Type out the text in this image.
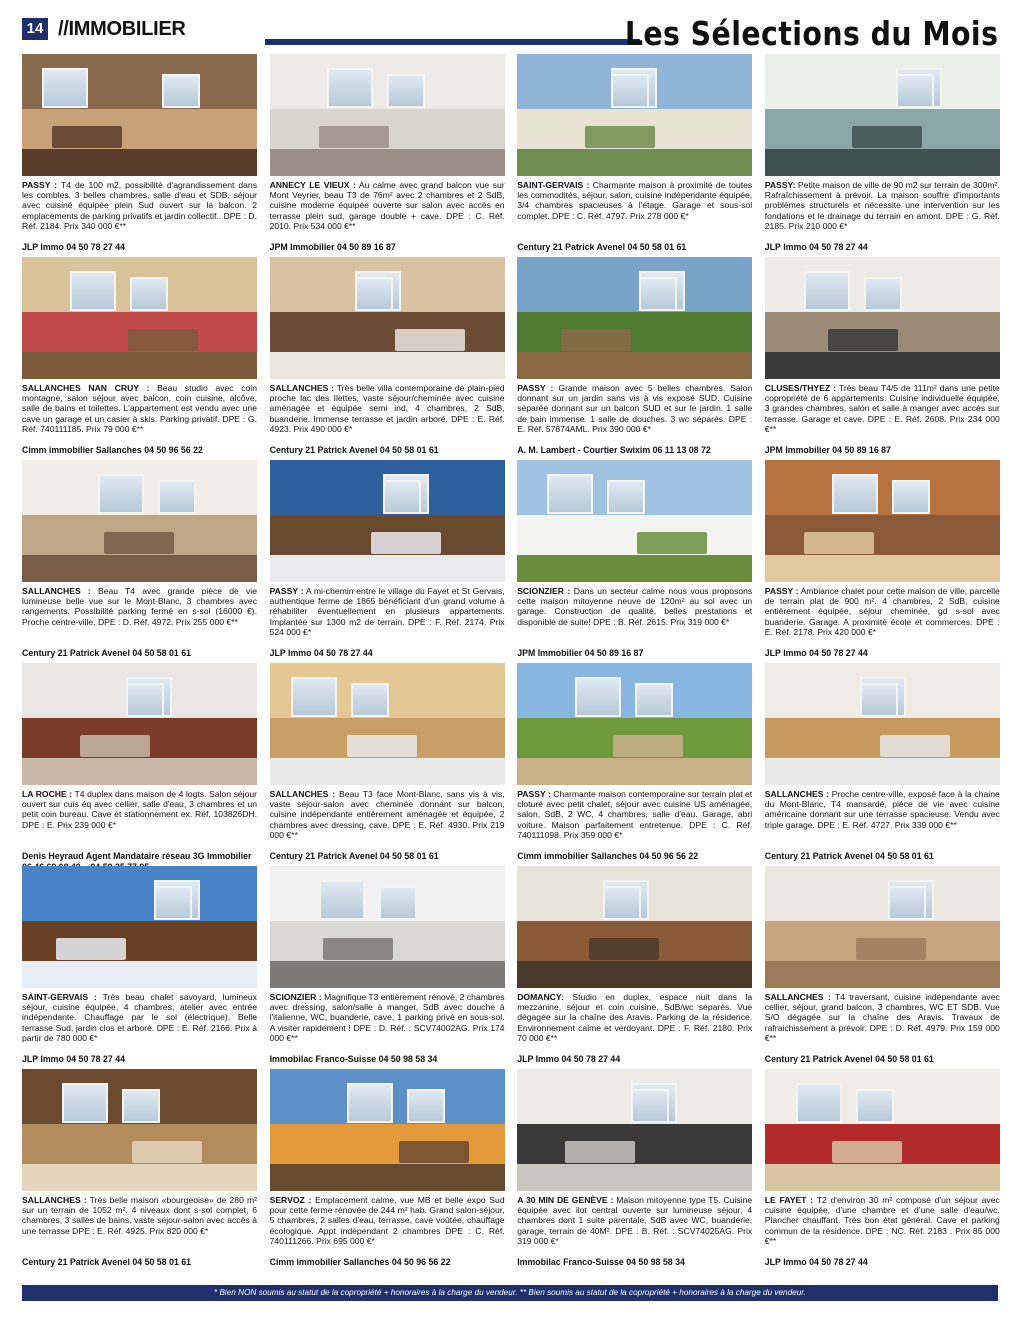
14 //IMMOBILIER	Les Sélections du Mois
PASSY : T4 de 100 m2, possibilité d'agrandissement dans les combles. 3 belles chambres, salle d'eau et SDB, séjour avec cuisiné équipée plein Sud ouvert sur la balcon. 2 emplacements de parking privatifs et jardin collectif.. DPE : D. Réf. 2184. Prix 340 000 €**
JLP Immo 04 50 78 27 44
ANNECY LE VIEUX : Au calme avec grand balcon vue sur Mont Veyrier, beau T3 de 76m² avec 2 chambres et 2 SdB, cuisine moderne équipée ouverte sur salon avec accès en terrasse plein sud, garage double + cave. DPE : C. Réf. 2010. Prix 534 000 €**
JPM Immobilier 04 50 89 16 87
SAINT-GERVAIS : Charmante maison à proximité de toutes les commodités, séjour, salon, cuisine indépendante équipée, 3/4 chambres spacieuses à l'étage. Garage et sous-sol complet. DPE : C. Réf. 4797. Prix 278 000 €*
Century 21 Patrick Avenel 04 50 58 01 61
PASSY: Petite maison de ville de 90 m2 sur terrain de 300m². Rafraîchissement à prévoir. La maison souffre d'importants problèmes structurels et nécessite une intervention sur les fondations et le drainage du terrain en amont. DPE : G. Réf. 2185. Prix 210 000 €*
JLP Immo 04 50 78 27 44
SALLANCHES NAN CRUY : Beau studio avec coin montagne, salon séjour avec balcon, coin cuisine, alcôve, salle de bains et toilettes. L'appartement est vendu avec une cave un garage et un casier à skis. Parking privatif. DPE : G. Réf. 740111185. Prix 79 000 €**
Cimm immobilier Sallanches 04 50 96 56 22
SALLANCHES : Très belle villa contemporaine de plain-pied proche lac des Ilettes, vaste séjour/cheminée avec cuisine aménagée et équipée semi ind, 4 chambres, 2 SdB, buanderie. Immense terrasse et jardin arboré. DPE : E. Réf. 4923. Prix 490 000 €*
Century 21 Patrick Avenel 04 50 58 01 61
PASSY : Grande maison avec 5 belles chambres. Salon donnant sur un jardin sans vis à vis exposé SUD. Cuisine séparée donnant sur un balcon SUD et sur le jardin. 1 salle de bain immense. 1 salle de douches. 3 wc séparés. DPE : E. Réf. 57874AML. Prix 390 000 €*
A. M. Lambert - Courtier Swixim 06 11 13 08 72
CLUSES/THYEZ : Très beau T4/5 de 111m² dans une petite copropriété de 6 appartements. Cuisine individuelle équipée, 3 grandes chambres, salon et salle à manger avec accès sur terrasse. Garage et cave. DPE : E. Réf. 2608. Prix 234 000 €**
JPM Immobilier 04 50 89 16 87
SALLANCHES : Beau T4 avec grande pièce de vie lumineuse belle vue sur le Mont-Blanc, 3 chambres avec rangements. Possibilité parking fermé en s-sol (16000 €). Proche centre-ville. DPE : D. Réf. 4972. Prix 255 000 €**
Century 21 Patrick Avenel 04 50 58 01 61
PASSY : A mi-chemin entre le village du Fayet et St Gervais, authentique ferme de 1865 bénéficiant d'un grand volume à réhabiliter éventuellement en plusieurs appartements. Implantée sur 1300 m2 de terrain. DPE : F. Réf. 2174. Prix 524 000 €*
JLP Immo 04 50 78 27 44
SCIONZIER : Dans un secteur calme nous vous proposons cette maison mitoyenne neuve de 120m² au sol avec un garage. Construction de qualité, belles prestations et disponible de suite! DPE : B. Réf. 2615. Prix 319 000 €*
JPM Immobilier 04 50 89 16 87
PASSY : Ambiance chalet pour cette maison de ville, parcelle de terrain plat de 900 m². 4 chambres, 2 SdB, cuisine entièrement équipée, séjour cheminée, gd s-sol avec buanderie. Garage. A proximité école et commerces. DPE : E. Réf. 2178. Prix 420 000 €*
JLP Immo 04 50 78 27 44
LA ROCHE : T4 duplex dans maison de 4 logts. Salon séjour ouvert sur cuis éq avec cellier, salle d'eau, 3 chambres et un petit coin bureau. Cave et stationnement ex. Réf. 103826DH. DPE : E. Prix 239 000 €*
Denis Heyraud Agent Mandataire réseau 3G Immobilier
SALLANCHES : Beau T3 face Mont-Blanc, sans vis à vis, vaste séjour-salon avec cheminée donnant sur balcon, cuisine indépendante entièrement aménagée et équipée, 2 chambres avec dressing, cave. DPE : E. Réf. 4930. Prix 219 000 €**
Century 21 Patrick Avenel 04 50 58 01 61
PASSY : Charmante maison contemporaine sur terrain plat et cloturé avec petit chalet, séjour avec cuisine US aménagée, salon, SdB, 2 WC, 4 chambres, salle d'eau. Garage, abri voiture. Maison parfaitement entretenue. DPE : C. Réf. 740111098. Prix 359 000 €*
Cimm immobilier Sallanches 04 50 96 56 22
SALLANCHES : Proche centre-ville, exposé face à la chaine du Mont-Blanc, T4 mansardé, pièce de vie avec cuisine américaine donnant sur une terrasse spacieuse. Vendu avec triple garage. DPE : E. Réf. 4727. Prix 339 000 €**
Century 21 Patrick Avenel 04 50 58 01 61
SAINT-GERVAIS : Très beau chalet savoyard, lumineux séjour, cuisine équipée, 4 chambres, atelier avec entrée indépendante. Chauffage par le sol (électrique). Belle terrasse Sud, jardin clos et arboré. DPE : E. Réf. 2166. Prix à partir de 780 000 €*
JLP Immo 04 50 78 27 44
SCIONZIER : Magnifique T3 entièrement rénové, 2 chambres avec dressing, salon/salle à manger, SdB avec douche à l'italienne, WC, buanderie, cave, 1 parking privé en sous-sol. A visiter rapidement ! DPE : D. Réf. : SCV74002AG. Prix 174 000 €**
Immobilac Franco-Suisse 04 50 98 58 34
DOMANCY: Studio en duplex, espace nuit dans la mezzanine, séjour et coin cuisine, SdB/wc séparés. Vue dégagée sur la chaîne des Aravis. Parking de la résidence. Environnement calme et verdoyant. DPE : F. Réf. 2180. Prix 70 000 €**
JLP Immo 04 50 78 27 44
SALLANCHES : T4 traversant, cuisine indépendante avec cellier, séjour, grand balcon, 3 chambres, WC ET SDB. Vue S/O dégagée sur la chaîne des Aravis. Travaux de rafraichissement à prévoir. DPE : D. Réf. 4979. Prix 159 000 €**
Century 21 Patrick Avenel 04 50 58 01 61
SALLANCHES : Très belle maison «bourgeoise» de 280 m² sur un terrain de 1052 m². 4 niveaux dont s-sol complet, 6 chambres, 3 salles de bains, vaste séjour-salon avec accès à une terrasse DPE : E. Réf. 4925. Prix 820 000 €*
Century 21 Patrick Avenel 04 50 58 01 61
SERVOZ : Emplacement calme, vue MB et belle expo Sud pour cette ferme rénovée de 244 m² hab. Grand salon-séjour, 5 chambres, 2 salles d'eau, terrasse, cave voûtée, chauffage écologique. Appt indépendant 2 chambres DPE : C. Réf. 740111266. Prix 695 000 €*
Cimm immobilier Sallanches 04 50 96 56 22
A 30 MIN DE GENÈVE : Maison mitoyenne type T5. Cuisine équipée avec ilot central ouverte sur lumineuse séjour, 4 chambres dont 1 suite parentale, SdB avec WC, buanderie, garage, terrain de 40M². DPE : B. Réf. : SCV74025AG. Prix 319 000 €*
Immobilac Franco-Suisse 04 50 98 58 34
LE FAYET : T2 d'environ 30 m² composé d'un séjour avec cuisine équipée, d'une chambre et d'une salle d'eau/wc. Plancher chauffant. Très bon état général. Cave et parking commun de la résidence. DPE : NC. Réf. 2183 . Prix 85 000 €**
JLP Immo 04 50 78 27 44
* Bien NON soumis au statut de la copropriété + honoraires à la charge du vendeur. ** Bien soumis au statut de la copropriété + honoraires à la charge du vendeur.
